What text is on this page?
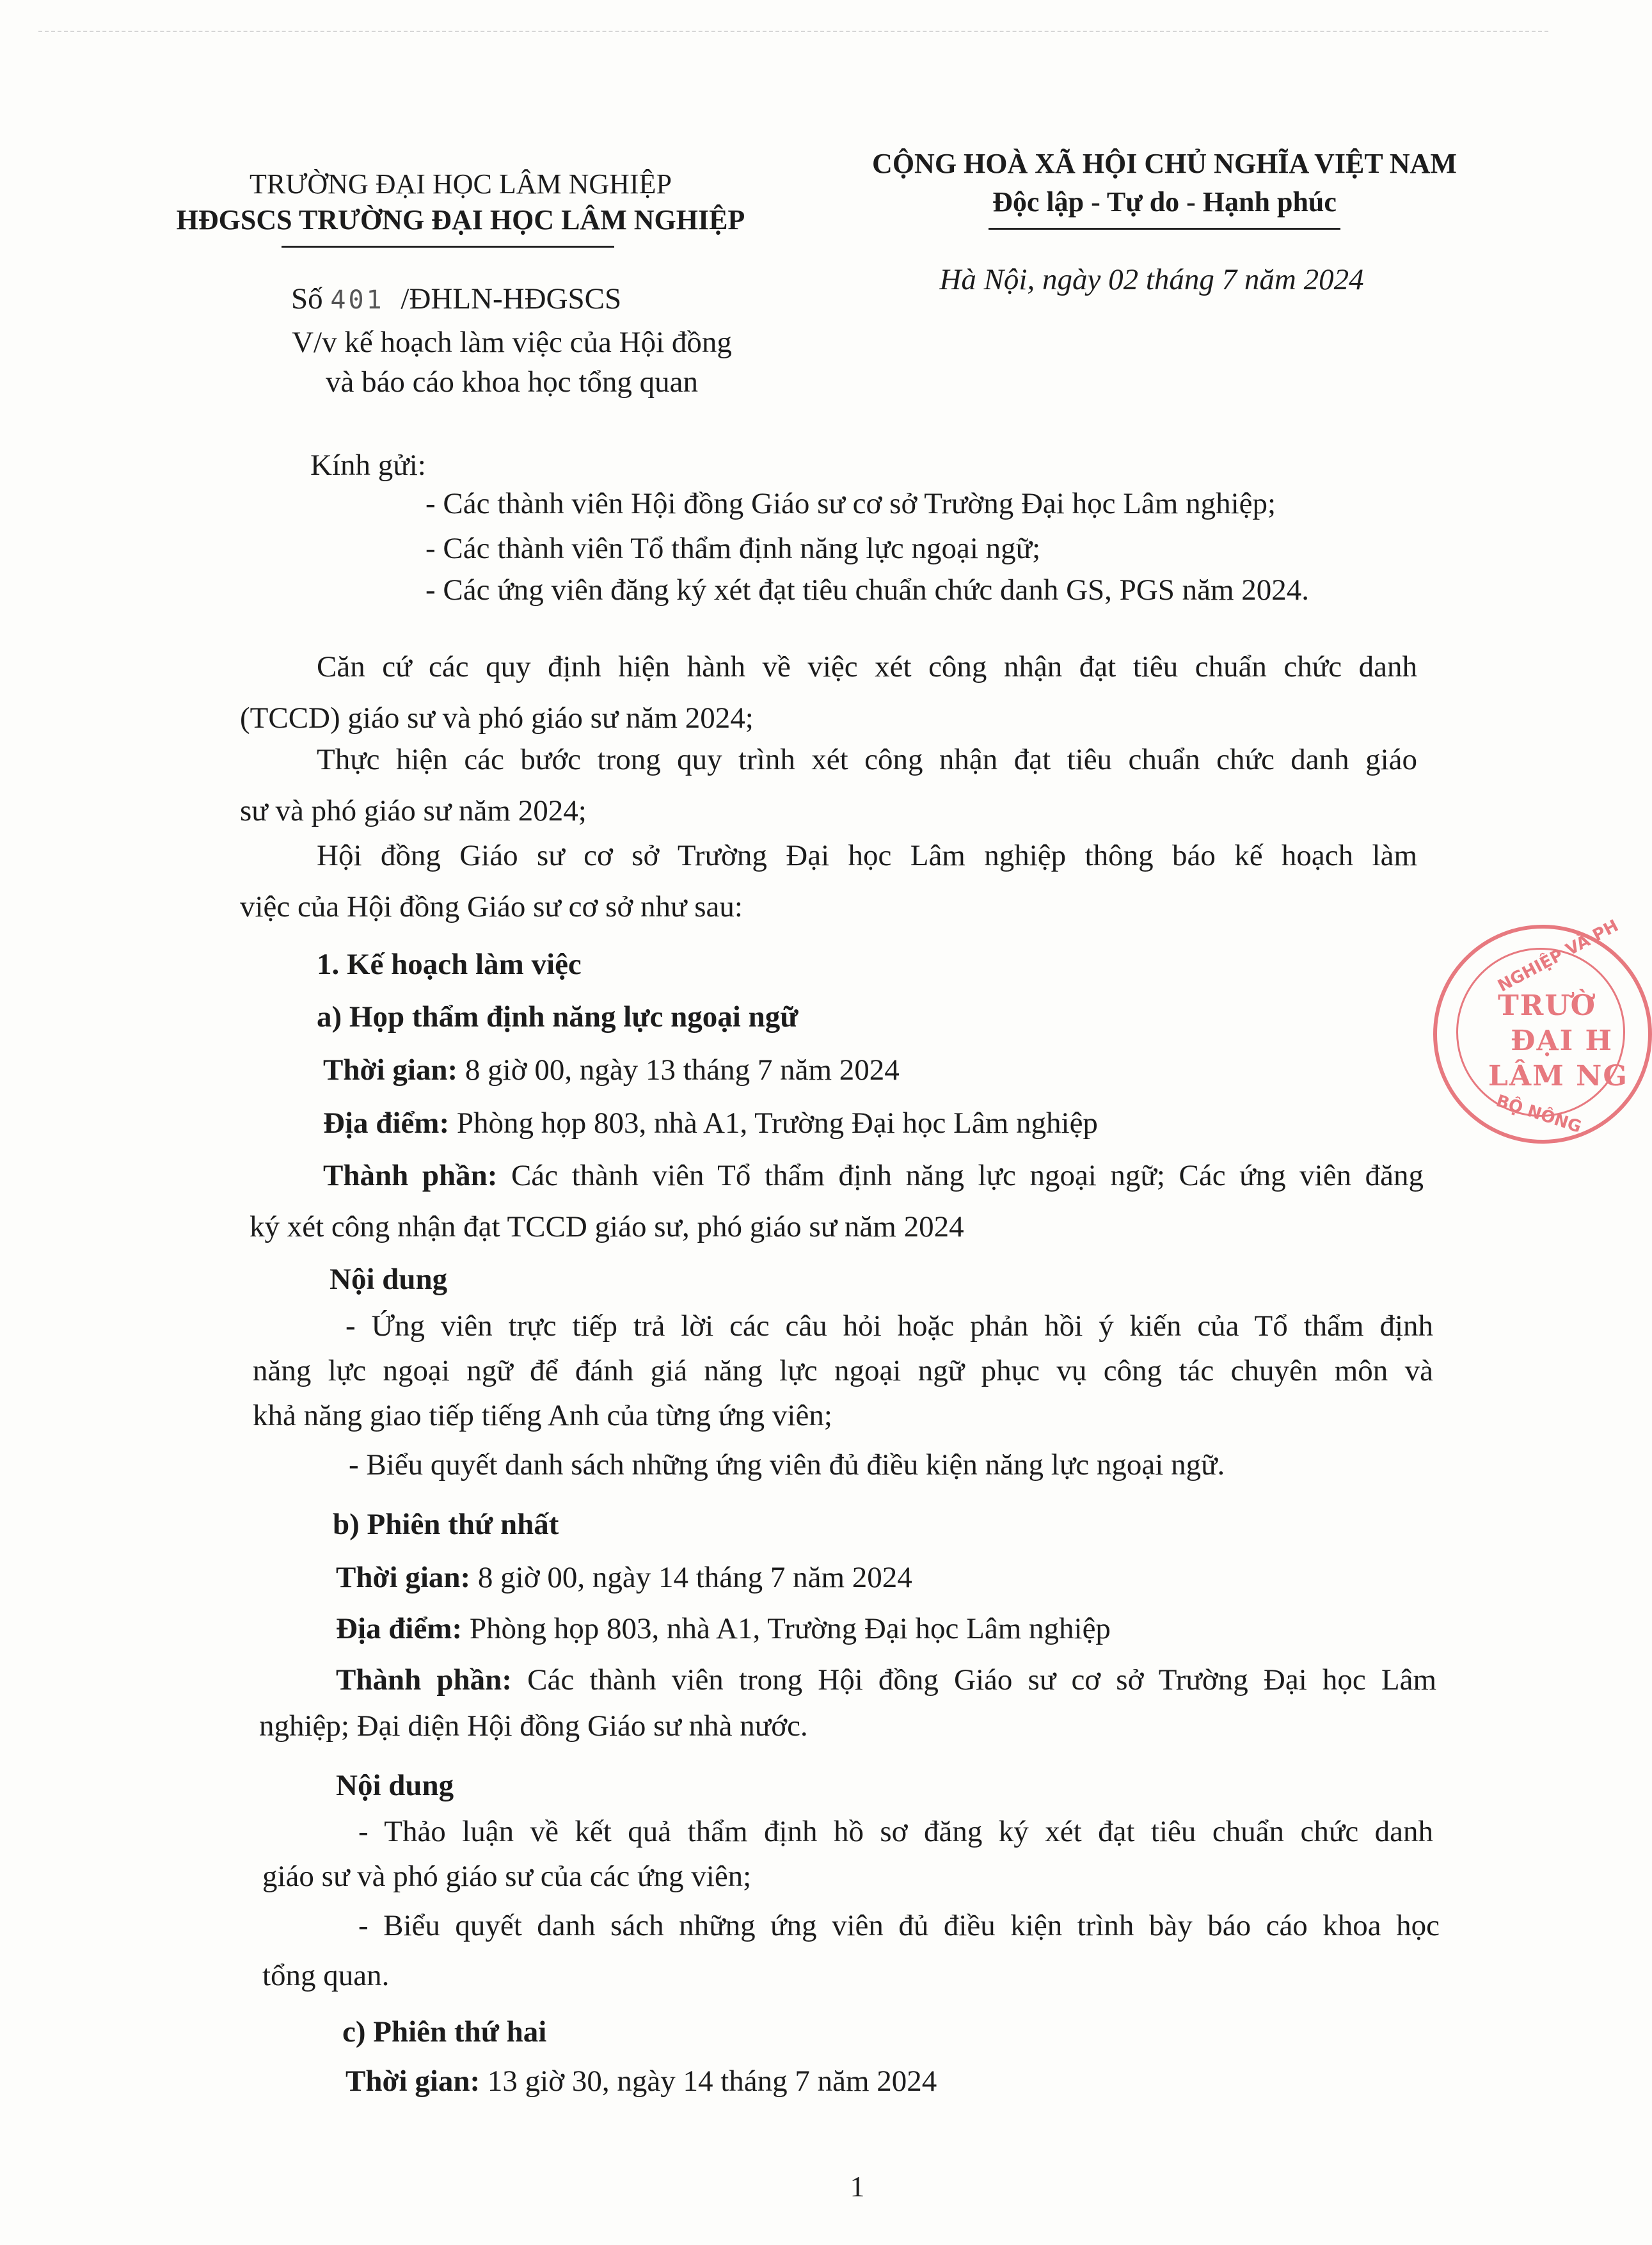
TRƯỜNG ĐẠI HỌC LÂM NGHIỆP
HĐGSCS TRƯỜNG ĐẠI HỌC LÂM NGHIỆP
CỘNG HOÀ XÃ HỘI CHỦ NGHĨA VIỆT NAM
Độc lập - Tự do - Hạnh phúc
Số 401 /ĐHLN-HĐGSCS
Hà Nội, ngày 02 tháng 7 năm 2024
V/v kế hoạch làm việc của Hội đồng
và báo cáo khoa học tổng quan
Kính gửi:
- Các thành viên Hội đồng Giáo sư cơ sở Trường Đại học Lâm nghiệp;
- Các thành viên Tổ thẩm định năng lực ngoại ngữ;
- Các ứng viên đăng ký xét đạt tiêu chuẩn chức danh GS, PGS năm 2024.
Căn cứ các quy định hiện hành về việc xét công nhận đạt tiêu chuẩn chức danh
(TCCD) giáo sư và phó giáo sư năm 2024;
Thực hiện các bước trong quy trình xét công nhận đạt tiêu chuẩn chức danh giáo
sư và phó giáo sư năm 2024;
Hội đồng Giáo sư cơ sở Trường Đại học Lâm nghiệp thông báo kế hoạch làm
việc của Hội đồng Giáo sư cơ sở như sau:
1. Kế hoạch làm việc
a) Họp thẩm định năng lực ngoại ngữ
Thời gian: 8 giờ 00, ngày 13 tháng 7 năm 2024
Địa điểm: Phòng họp 803, nhà A1, Trường Đại học Lâm nghiệp
Thành phần: Các thành viên Tổ thẩm định năng lực ngoại ngữ; Các ứng viên đăng
ký xét công nhận đạt TCCD giáo sư, phó giáo sư năm 2024
Nội dung
- Ứng viên trực tiếp trả lời các câu hỏi hoặc phản hồi ý kiến của Tổ thẩm định
năng lực ngoại ngữ để đánh giá năng lực ngoại ngữ phục vụ công tác chuyên môn và
khả năng giao tiếp tiếng Anh của từng ứng viên;
- Biểu quyết danh sách những ứng viên đủ điều kiện năng lực ngoại ngữ.
b) Phiên thứ nhất
Thời gian: 8 giờ 00, ngày 14 tháng 7 năm 2024
Địa điểm: Phòng họp 803, nhà A1, Trường Đại học Lâm nghiệp
Thành phần: Các thành viên trong Hội đồng Giáo sư cơ sở Trường Đại học Lâm
nghiệp; Đại diện Hội đồng Giáo sư nhà nước.
Nội dung
- Thảo luận về kết quả thẩm định hồ sơ đăng ký xét đạt tiêu chuẩn chức danh
giáo sư và phó giáo sư của các ứng viên;
- Biểu quyết danh sách những ứng viên đủ điều kiện trình bày báo cáo khoa học
tổng quan.
c) Phiên thứ hai
Thời gian: 13 giờ 30, ngày 14 tháng 7 năm 2024
1
NGHIỆP VÀ PH
TRƯỜ
ĐẠI H
LÂM NG
BỘ NÔNG
